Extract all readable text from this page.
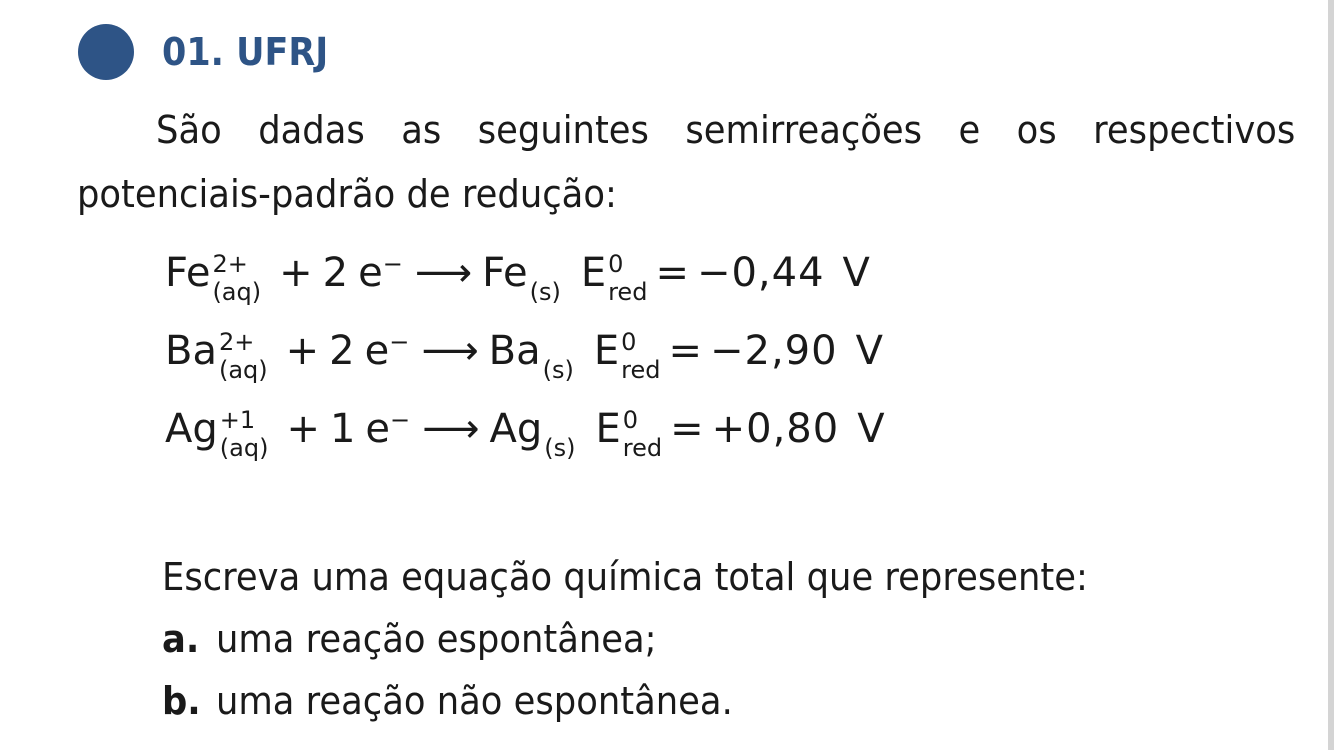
01. UFRJ
São dadas as seguintes semirreações e os respectivos potenciais-padrão de redução:
Fe 2+
(aq) + 2 e− ⟶ Fe (s) E 0
red = −0,44 V
Ba 2+
(aq) + 2 e− ⟶ Ba (s) E 0
red = −2,90 V
Ag +1
(aq) + 1 e− ⟶ Ag (s) E 0
red = +0,80 V
Escreva uma equação química total que represente:
a. uma reação espontânea;
b. uma reação não espontânea.
